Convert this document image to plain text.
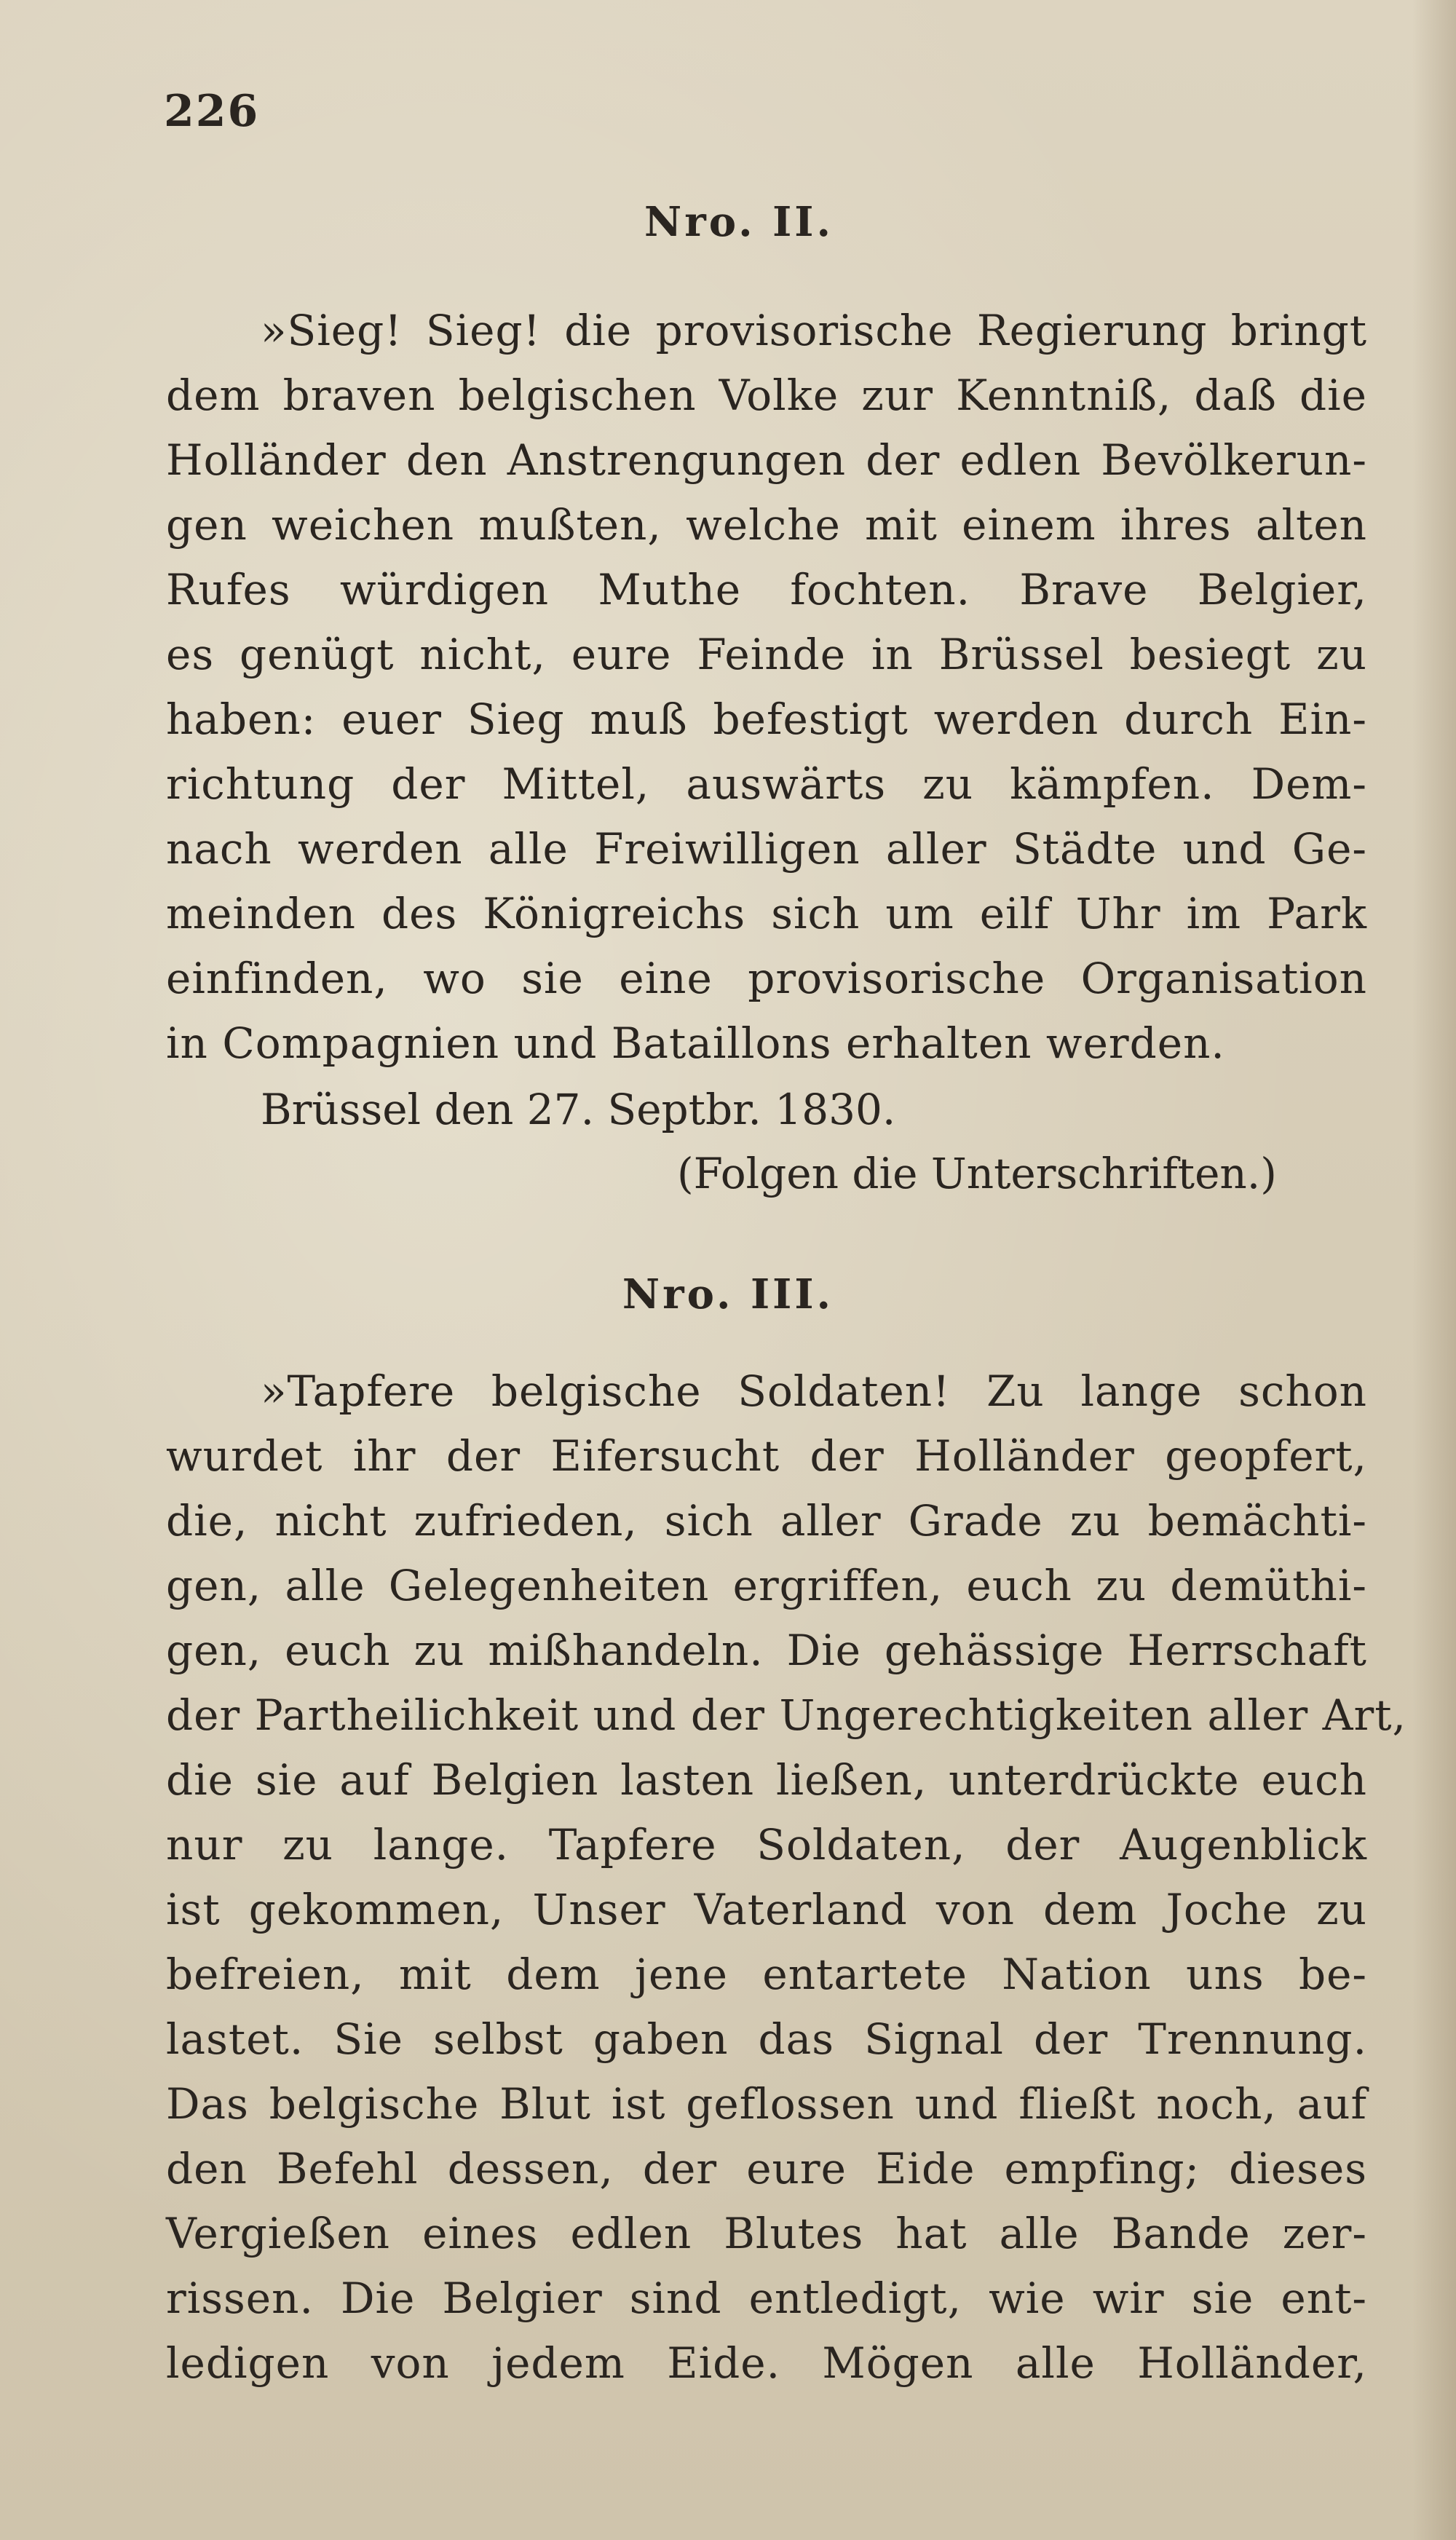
226
Nro. II.
»Sieg! Sieg! die provisorische Regierung bringt
dem braven belgischen Volke zur Kenntniß, daß die
Holländer den Anstrengungen der edlen Bevölkerun-
gen weichen mußten, welche mit einem ihres alten
Rufes würdigen Muthe fochten. Brave Belgier,
es genügt nicht, eure Feinde in Brüssel besiegt zu
haben: euer Sieg muß befestigt werden durch Ein-
richtung der Mittel, auswärts zu kämpfen. Dem-
nach werden alle Freiwilligen aller Städte und Ge-
meinden des Königreichs sich um eilf Uhr im Park
einfinden, wo sie eine provisorische Organisation
in Compagnien und Bataillons erhalten werden.
Brüssel den 27. Septbr. 1830.
(Folgen die Unterschriften.)
Nro. III.
»Tapfere belgische Soldaten! Zu lange schon
wurdet ihr der Eifersucht der Holländer geopfert,
die, nicht zufrieden, sich aller Grade zu bemächti-
gen, alle Gelegenheiten ergriffen, euch zu demüthi-
gen, euch zu mißhandeln. Die gehässige Herrschaft
der Partheilichkeit und der Ungerechtigkeiten aller Art,
die sie auf Belgien lasten ließen, unterdrückte euch
nur zu lange. Tapfere Soldaten, der Augenblick
ist gekommen, Unser Vaterland von dem Joche zu
befreien, mit dem jene entartete Nation uns be-
lastet. Sie selbst gaben das Signal der Trennung.
Das belgische Blut ist geflossen und fließt noch, auf
den Befehl dessen, der eure Eide empfing; dieses
Vergießen eines edlen Blutes hat alle Bande zer-
rissen. Die Belgier sind entledigt, wie wir sie ent-
ledigen von jedem Eide. Mögen alle Holländer,
